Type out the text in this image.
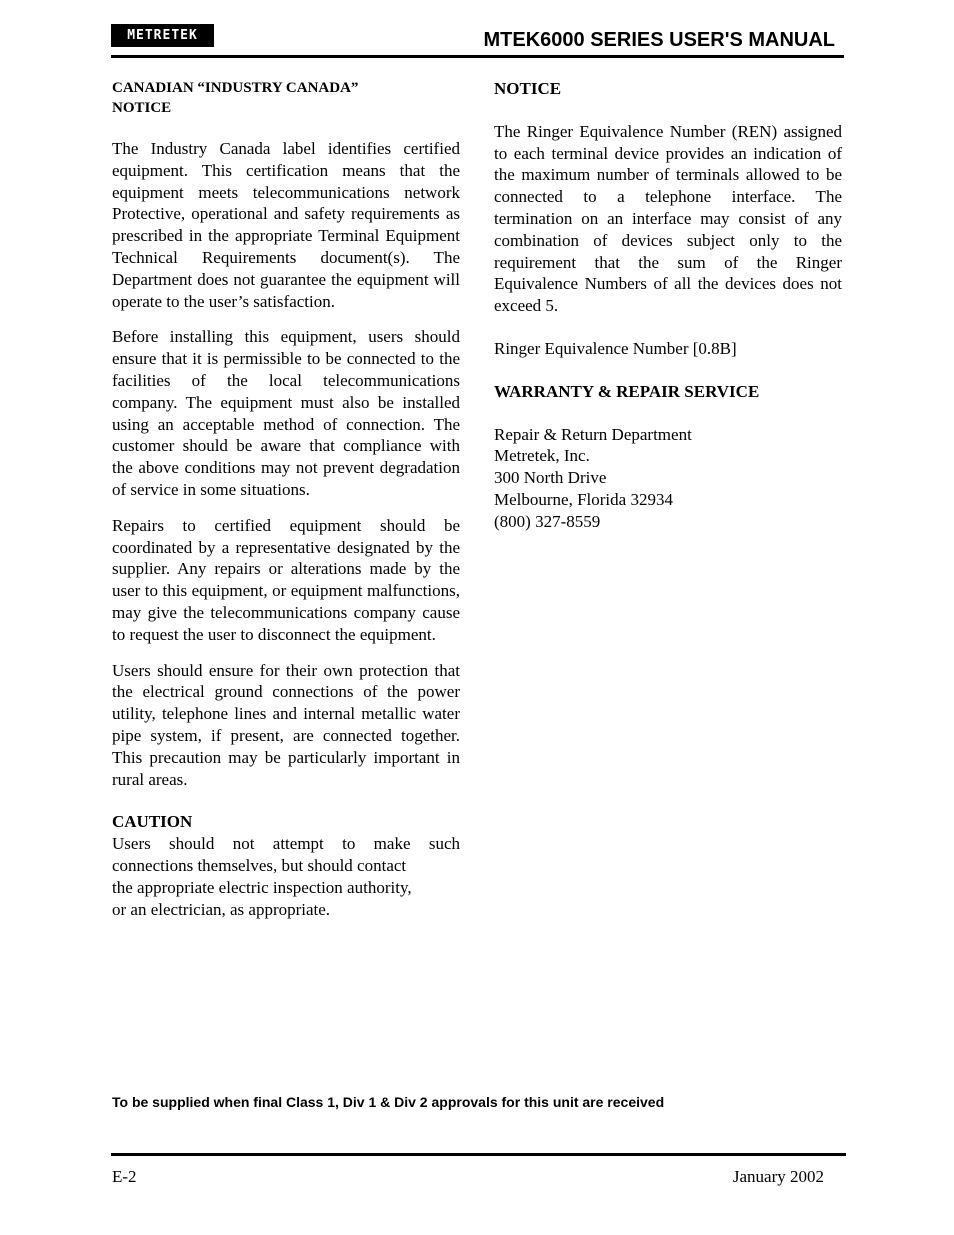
METRETEK	MTEK6000 SERIES USER'S MANUAL

CANADIAN “INDUSTRY CANADA” NOTICE

The Industry Canada label identifies certified equipment. This certification means that the equipment meets telecommunications network Protective, operational and safety requirements as prescribed in the appropriate Terminal Equipment Technical Requirements document(s). The Department does not guarantee the equipment will operate to the user’s satisfaction.

Before installing this equipment, users should ensure that it is permissible to be connected to the facilities of the local telecommunications company. The equipment must also be installed using an acceptable method of connection. The customer should be aware that compliance with the above conditions may not prevent degradation of service in some situations.

Repairs to certified equipment should be coordinated by a representative designated by the supplier. Any repairs or alterations made by the user to this equipment, or equipment malfunctions, may give the telecommunications company cause to request the user to disconnect the equipment.

Users should ensure for their own protection that the electrical ground connections of the power utility, telephone lines and internal metallic water pipe system, if present, are connected together. This precaution may be particularly important in rural areas.

CAUTION

Users should not attempt to make such connections themselves, but should contact

the appropriate electric inspection authority,

or an electrician, as appropriate.

NOTICE

The Ringer Equivalence Number (REN) assigned to each terminal device provides an indication of the maximum number of terminals allowed to be connected to a telephone interface. The termination on an interface may consist of any combination of devices subject only to the requirement that the sum of the Ringer Equivalence Numbers of all the devices does not exceed 5.

Ringer Equivalence Number [0.8B]

WARRANTY & REPAIR SERVICE

Repair & Return Department

Metretek, Inc.

300 North Drive

Melbourne, Florida 32934

(800) 327-8559

To be supplied when final Class 1, Div 1 & Div 2 approvals for this unit are received
E-2	January 2002
